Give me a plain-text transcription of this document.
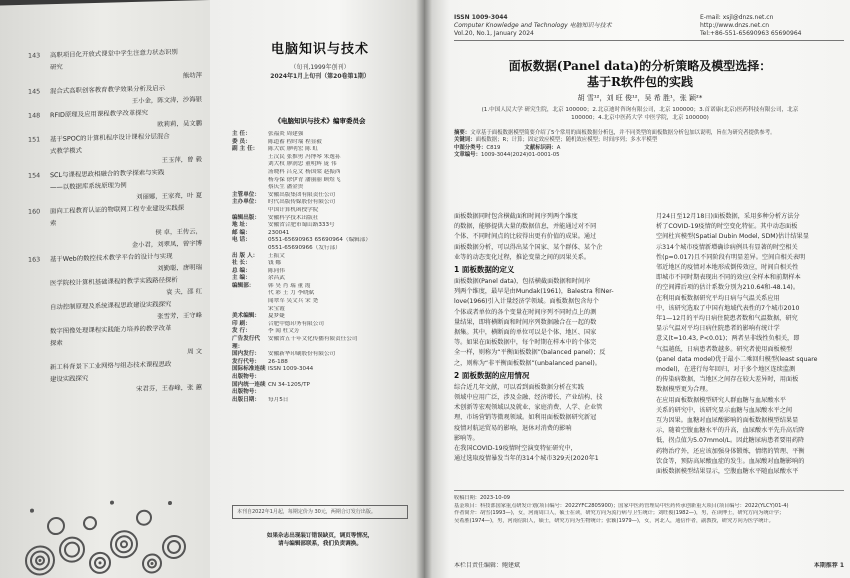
143	高职项目化开放式课堂中学生注意力状态识别
研究
熊幼萍
145	混合式高职创客教育教学效果分析及启示
王小金，陈文涛，沙海银
148	RFID原理及应用课程教学改革探究
欧莉莉，吴文鹏
151	基于SPOC的计算机程序设计课程分层混合
式教学模式
王玉萍，曾 毅
154	SCL与课程思政相融合的教学探索与实践
——以数据库系统原理为例
刘丽娜，王家亮，叶 夏
160	面向工程教育认证的物联网工程专业建设实践探
索
侯 卓，王传云，
金小君，刘翠凤，曾宇博
163	基于Web的数控技术教学平台的设计与实现
刘勤聪，唐明瑞
医学院校计算机基础课程的教学实践路径探析
袁 夫，邵 红
自动控制原理及系统课程思政建设实践探究
张雪芳，王守峰
数字图像处理课程实践能力培养的教学改革
探索
周 文
新工科背景下工业网络与组态技术课程思政
建设实践探究
宋君芬，王春峰，张 蕙
电脑知识与技术
（旬刊,1999年创刊）
2024年1月上旬刊（第20卷第1期）
《电脑知识与技术》编审委员会
主 任：	张福炎 周建强
委 员：	陈道蓄 程时端 程显毅
副 主 任：	陈大钦 廖明宏 陈 虹
王汉民 张推勇 冯博琴 朱逸荪
刘大权 廖润忠 董明辉 庞 伟
汤晓科 吕克文 杨国梁 赵振西
杨寿保 徐伊青 潘丽丽 顾煜飞
蔡庆生 潘金贵
主管单位：	安徽出版集团有限责任公司
主办单位：	时代出版传媒股份有限公司
中国计算机函授学院
编辑出版：	安徽科学技术出版社
地 址：	安徽省合肥市蜀山路333号
邮 编：	230041
电 话：	0551-65690963 65690964（编辑部）
0551-65690966（发行部）
出 版 人：	王振文
社 长：	钱 娜
总 编：	陈同伟
主 编：	余昌武
编辑部：	韩 昊 肖 瑞 董 霞
代 彩 王 力 李晓斌
闻翠军 吴文兵 宋 尧
宋宝霞
美术编辑：	夏梦婕
印 刷：	合肥中德印务有限公司
发 行：	李 闻 杜文芳
广告发行代理：
安徽省五千年文化传播有限责任公司
国内发行：	安徽新华印刷股份有限公司
发行代号：	26-188
国际标准连续出版物号：
ISSN 1009-3044
国内统一连续出版物号：
CN 34-1205/TP
出版日期：	每月5日
本刊自2022年1月起，每期定价为 30元，两期合订发行出版。
如果杂志出现装订错误缺页，调页等情况，
请与编辑部联系，我们负责调换。
ISSN 1009-3044
Computer Knowledge and Technology 电脑知识与技术
Vol.20, No.1, January 2024
E-mail: xsjl@dnzs.net.cn
http://www.dnzs.net.cn
Tel:+86-551-65690963 65690964
面板数据(Panel data)的分析策略及模型选择：
基于R软件包的实践
胡 雪¹²，刘 旺 俊¹²，吴 希 胜¹，张 颖²*
(1.中国人民大学 研究生院，北京 100000；2.北京迪时咨询有限公司，北京 100000；3.首诺康(北京)医药科技有限公司，北京 100000；4.北京中医药大学 中医学院，北京 100000)
摘要：文章基于面板数据模型简要介绍了5个常用的面板数据分析包，并不同类型的面板数据分析包加以说明，旨在为研究者提供参考。
关键词：面板数据；R；计算；固定效应模型；随机效应模型；时间序列；多水平模型
中图分类号：C819	文献标识码：A
文章编号：1009-3044(2024)01-0001-05
面板数据同时包含横截面和时间序列两个维度
的数据，能够提供大量的数据信息，并能通过对不同
个体、不同时间点的比较得出更有价值的成果。通过
面板数据分析，可以得出某个国家、某个群体、某个企
业等的动态变化过程，推论变量之间的因果关系。
1 面板数据的定义
面板数据(Panel data)，包括横截面数据和时间序
列两个维度，最早是由Mundak(1961)，Balestra 和Ner-
love(1966)引入计量经济学领域。面板数据包含每个
个体或者单位的各个变量在时间序列不同时点上的测
量结果，即将横断面和时间序列数据融合在一起的数
据集。其中，横断面的单位可以是个体、地区、国家
等。如果在面板数据中，每个时期在样本中的个体完
全一样，则称为“平衡面板数据”(balanced panel)；反
之，则称为“非平衡面板数据”(unbalanced panel)。
2 面板数据的应用情况
综合近几年文献，可以看到面板数据分析在实践
领域中应用广泛，涉及金融、经济增长、产业结构、技
术创新等宏观领域以及就业、家庭消费、人学、企业管
理、市场营销等微观领域。如利用面板数据研究新冠
疫情对航运贸易的影响，退休对消费的影响
影响等。
在我国COVID-19疫情时空演变特征研究中，
通过选取疫情暴发当年的314个城市329天(2020年1
月24日至12月18日)面板数据，采用多种分析方法分
析了COVID-19疫情的时空变化特征。其中动态面板
空间杜宾模型(Spatial Dubin Model, SDM)估计结果显
示314个城市疫情新增确诊病例具有显著的时空相关
性(p=0.017)且不同阶段有明显差异。空间自相关表明
邻近地区的疫情对本地形成倒传效应，时间自相关性
即城市不同时期表现出不同的效应(全样本和前期样本
的空间滞后项的估计系数分别为210.64和-48.14)。
在利用面板数据研究平均日病与气温关系应用
中，该研究选取了中国有地域代表性的7个城市2010
年1—12月的平均日病住院患者数和气温数据，研究
显示气温对平均日病住院患者的影响有统计学
意义(t=10.43, P<0.01)；两者呈非线性负相关，即
气温越低，日病患者数越多。研究者使用面板模型
(panel data model)优于最小二乘回归模型(least square
model)，在进行每年回归，对于多个地区连续监测
的传染病数据，当地区之间存在较大差异时，用面板
数据模型更为合理。
在应用面板数据模型研究人群血糖与血尿酸水平
关系的研究中，该研究显示血糖与血尿酸水平之间
互为因果。血糖对血尿酸影响的面板数据模型结果显
示，随着空腹血糖水平的升高，血尿酸水平先升高后降
低，拐点值为5.07mmol/L。因此糖尿病患者要用药降
药物治疗外，还应该加强身体锻炼，情绪的管理、平衡
饮食等，预防高尿酸血症的发生。血尿酸对血糖影响的
面板数据模型结果显示，空腹血糖水平随血尿酸水平
收稿日期：2023-10-09
基金项目：科技部国家重点研发计划(项目编号：2022YFC2805900)；国家中医药管理局中医药传承创新重大项目(项目编号：2022(YLCY)01-4)
作者简介：胡雪(1993—)，女，河南周口人，硕士在读，研究方向为流行病与卫生统计；刘旺俊(1982—)，男，在读博士，研究方向为统计学；
吴希胜(1974—)，男，河南信阳人，硕士，研究方向为生物统计；张颖(1979—)，女，河北人，通信作者，副教授，研究方向为医学统计。
本栏目责任编辑：鲍建斌	本期推荐 1
